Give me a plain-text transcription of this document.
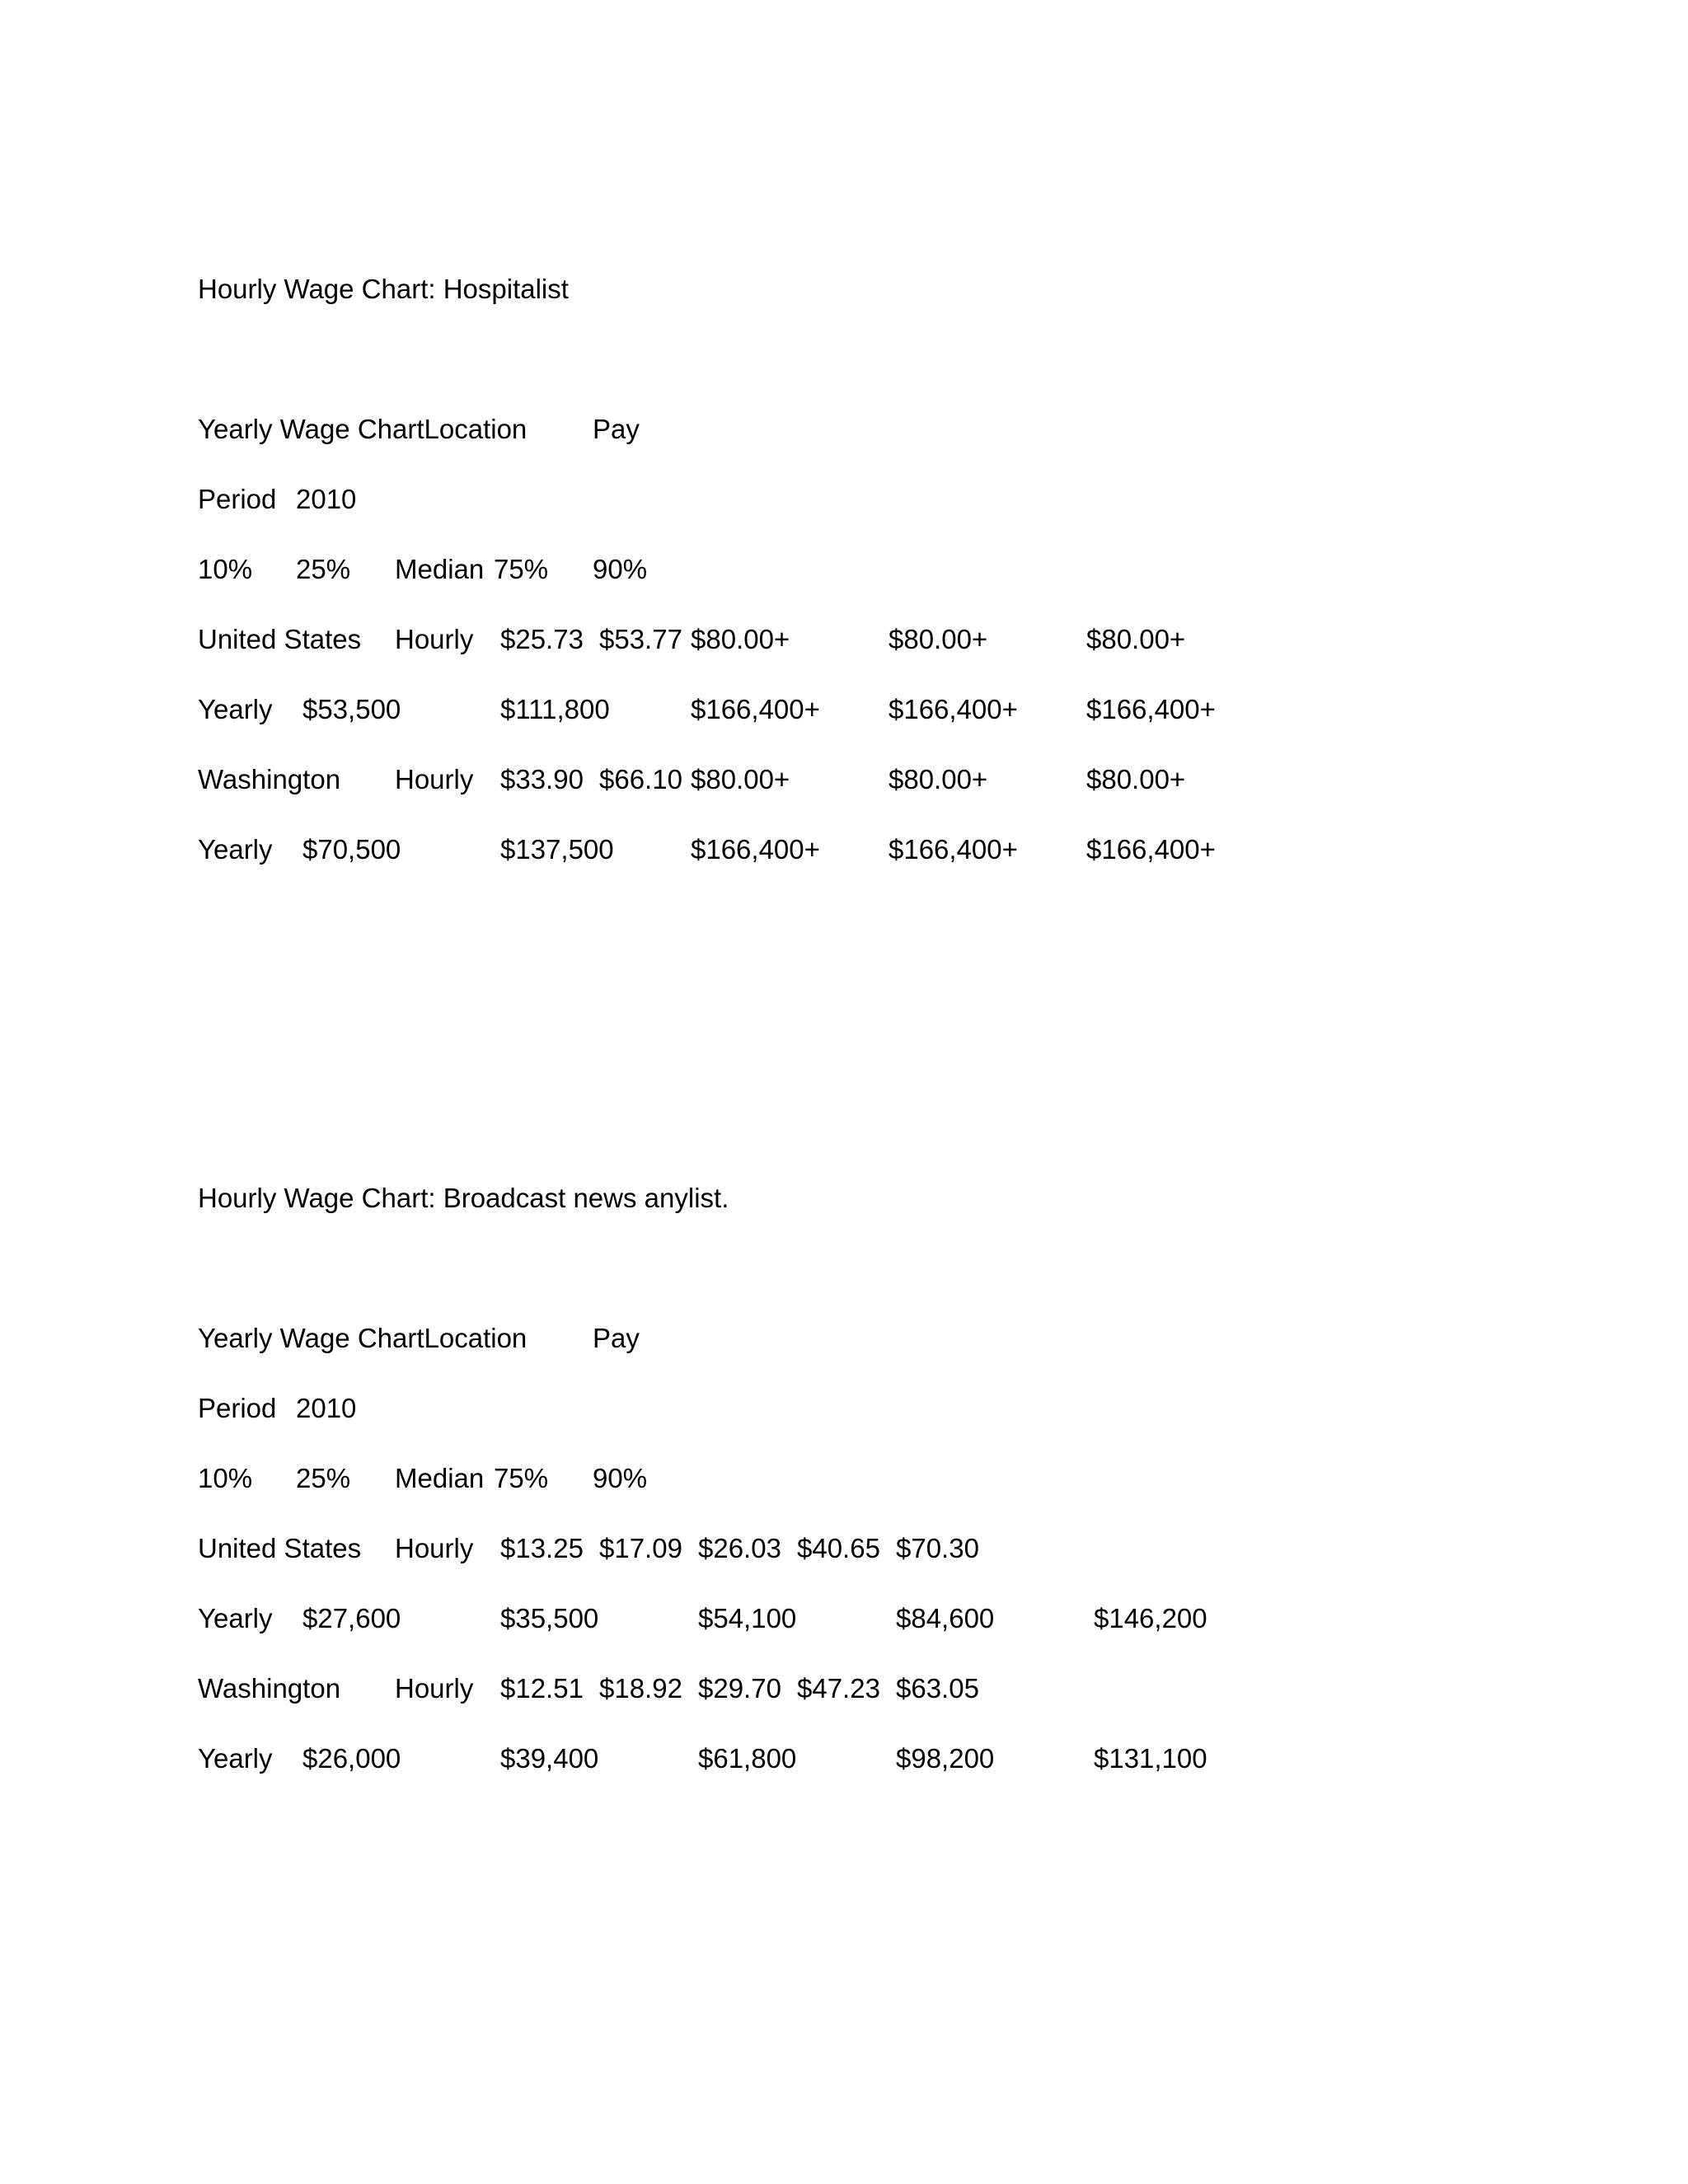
Hourly Wage Chart: Hospitalist
Yearly Wage ChartLocation Pay
Period 2010
10% 25% Median 75% 90%
United States Hourly $25.73 $53.77 $80.00+	$80.00+	$80.00+
Yearly $53,500	$111,800	$166,400+	$166,400+	$166,400+
Washington Hourly $33.90 $66.10 $80.00+	$80.00+	$80.00+
Yearly $70,500	$137,500	$166,400+	$166,400+	$166,400+
Hourly Wage Chart: Broadcast news anylist.
Yearly Wage ChartLocation Pay
Period 2010
10% 25% Median 75% 90%
United States Hourly $13.25 $17.09 $26.03 $40.65 $70.30
Yearly $27,600	$35,500	$54,100	$84,600	$146,200
Washington Hourly $12.51 $18.92 $29.70 $47.23 $63.05
Yearly $26,000	$39,400	$61,800	$98,200	$131,100
